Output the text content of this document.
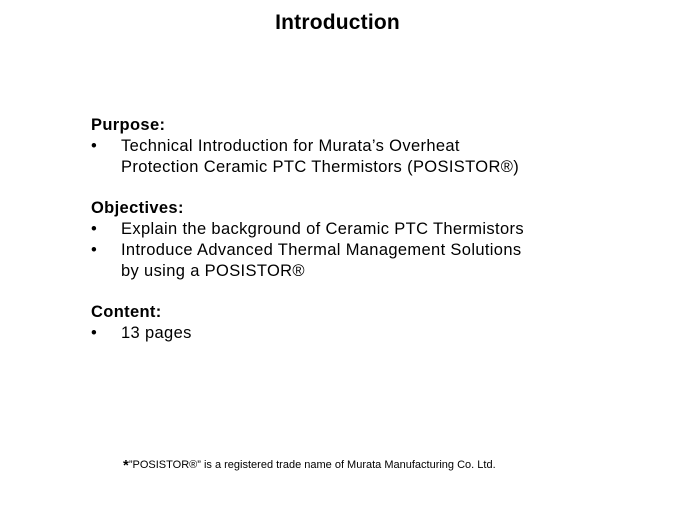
Introduction
Purpose:
•	Technical Introduction for Murata’s Overheat
Protection Ceramic PTC Thermistors (POSISTOR®)
Objectives:
•	Explain the background of Ceramic PTC Thermistors
•	Introduce Advanced Thermal Management Solutions
by using a POSISTOR®
Content:
•	13 pages
*”POSISTOR®” is a registered trade name of Murata Manufacturing Co. Ltd.
